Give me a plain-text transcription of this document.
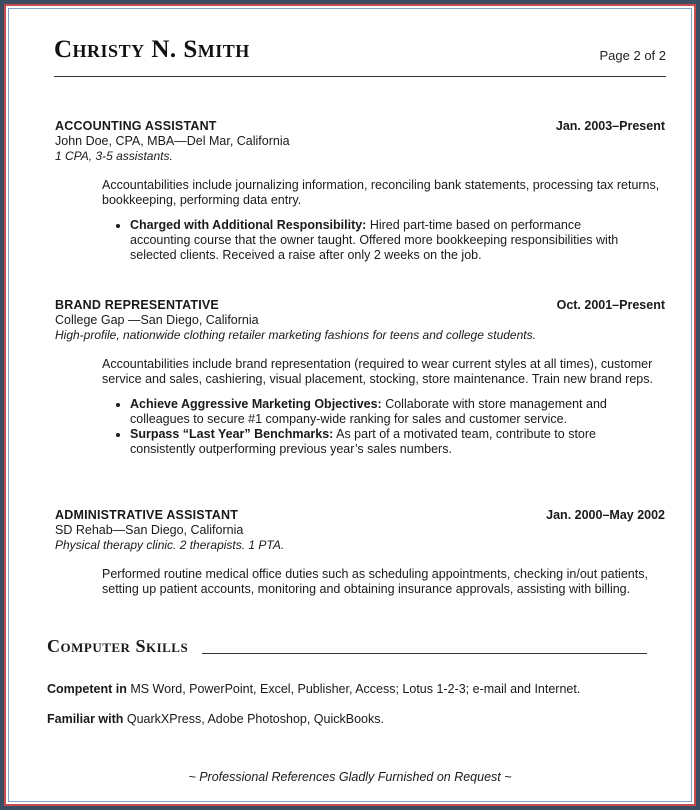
Christy N. Smith	Page 2 of 2
ACCOUNTING ASSISTANT	Jan. 2003–Present
John Doe, CPA, MBA—Del Mar, California
1 CPA, 3-5 assistants.
Accountabilities include journalizing information, reconciling bank statements, processing tax returns, bookkeeping, performing data entry.
• Charged with Additional Responsibility: Hired part-time based on performance accounting course that the owner taught. Offered more bookkeeping responsibilities with selected clients. Received a raise after only 2 weeks on the job.
BRAND REPRESENTATIVE	Oct. 2001–Present
College Gap —San Diego, California
High-profile, nationwide clothing retailer marketing fashions for teens and college students.
Accountabilities include brand representation (required to wear current styles at all times), customer service and sales, cashiering, visual placement, stocking, store maintenance. Train new brand reps.
• Achieve Aggressive Marketing Objectives: Collaborate with store management and colleagues to secure #1 company-wide ranking for sales and customer service.
• Surpass “Last Year” Benchmarks: As part of a motivated team, contribute to store consistently outperforming previous year’s sales numbers.
ADMINISTRATIVE ASSISTANT	Jan. 2000–May 2002
SD Rehab—San Diego, California
Physical therapy clinic. 2 therapists. 1 PTA.
Performed routine medical office duties such as scheduling appointments, checking in/out patients, setting up patient accounts, monitoring and obtaining insurance approvals, assisting with billing.
Computer Skills
Competent in MS Word, PowerPoint, Excel, Publisher, Access; Lotus 1-2-3; e-mail and Internet.
Familiar with QuarkXPress, Adobe Photoshop, QuickBooks.
~ Professional References Gladly Furnished on Request ~
